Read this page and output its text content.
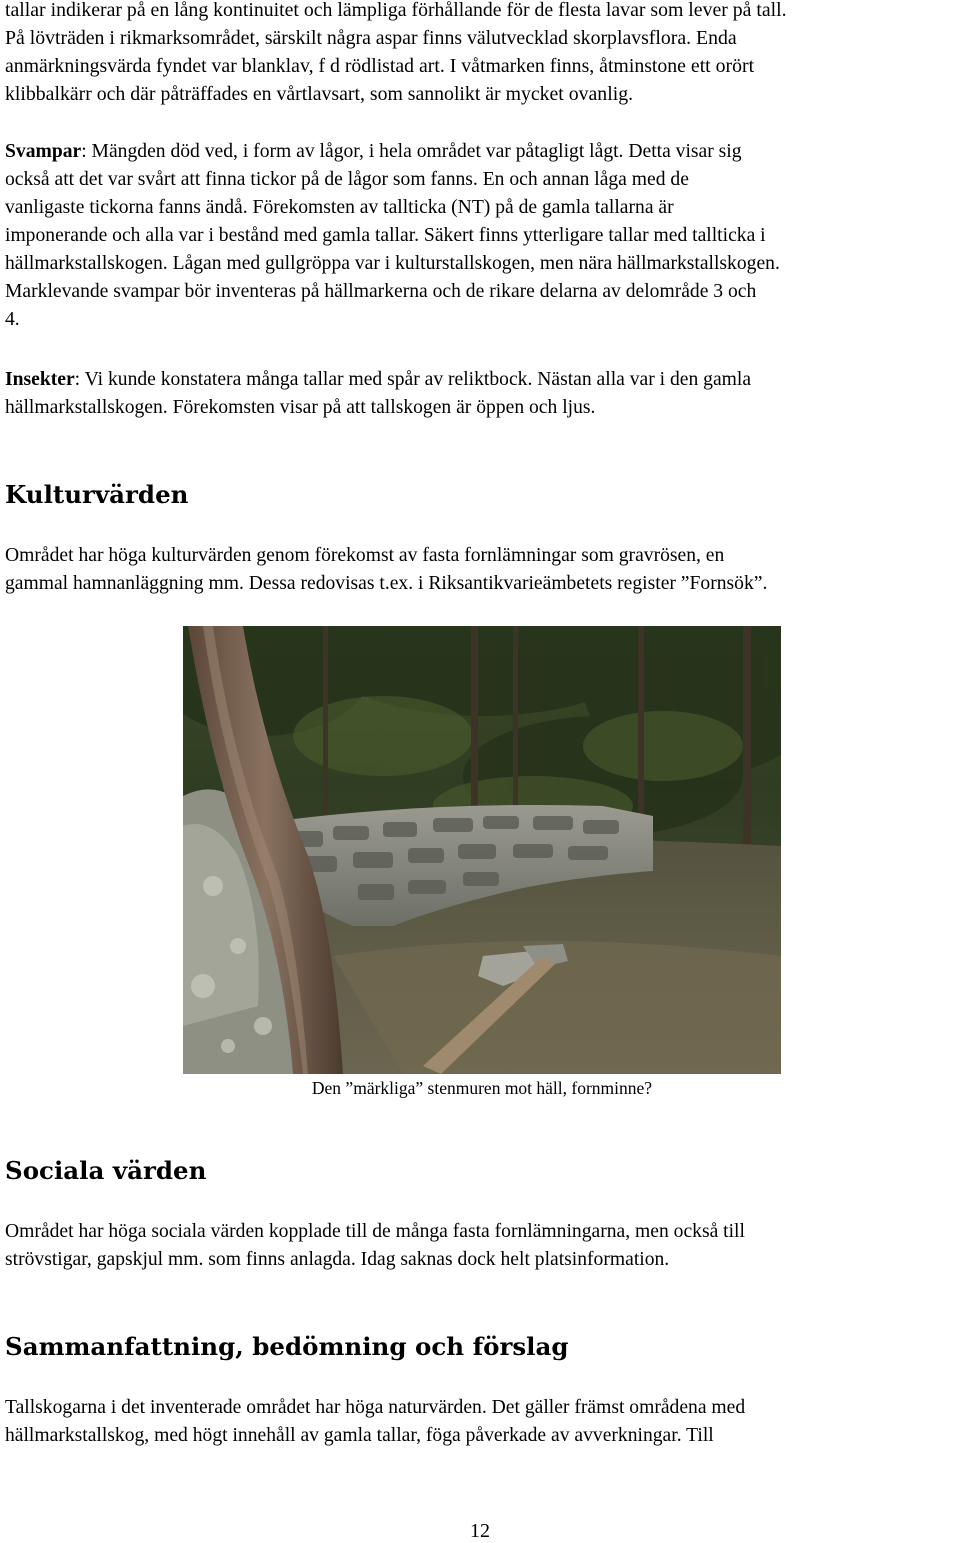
tallar indikerar på en lång kontinuitet och lämpliga förhållande för de flesta lavar som lever på tall.
På lövträden i rikmarksområdet, särskilt några aspar finns välutvecklad skorplavsflora. Enda
anmärkningsvärda fyndet var blanklav, f d rödlistad art. I våtmarken finns, åtminstone ett orört
klibbalkärr och där påträffades en vårtlavsart, som sannolikt är mycket ovanlig.
Svampar: Mängden död ved, i form av lågor, i hela området var påtagligt lågt. Detta visar sig
också att det var svårt att finna tickor på de lågor som fanns. En och annan låga med de
vanligaste tickorna fanns ändå. Förekomsten av tallticka (NT) på de gamla tallarna är
imponerande och alla var i bestånd med gamla tallar. Säkert finns ytterligare tallar med tallticka i
hällmarkstallskogen. Lågan med gullgröppa var i kulturstallskogen, men nära hällmarkstallskogen.
Marklevande svampar bör inventeras på hällmarkerna och de rikare delarna av delområde 3 och
4.
Insekter: Vi kunde konstatera många tallar med spår av reliktbock. Nästan alla var i den gamla
hällmarkstallskogen. Förekomsten visar på att tallskogen är öppen och ljus.
Kulturvärden
Området har höga kulturvärden genom förekomst av fasta fornlämningar som gravrösen, en
gammal hamnanläggning mm. Dessa redovisas t.ex. i Riksantikvarieämbetets register ”Fornsök”.
Den ”märkliga” stenmuren mot häll, fornminne?
Sociala värden
Området har höga sociala värden kopplade till de många fasta fornlämningarna, men också till
strövstigar, gapskjul mm. som finns anlagda. Idag saknas dock helt platsinformation.
Sammanfattning, bedömning och förslag
Tallskogarna i det inventerade området har höga naturvärden. Det gäller främst områdena med
hällmarkstallskog, med högt innehåll av gamla tallar, föga påverkade av avverkningar. Till
12
